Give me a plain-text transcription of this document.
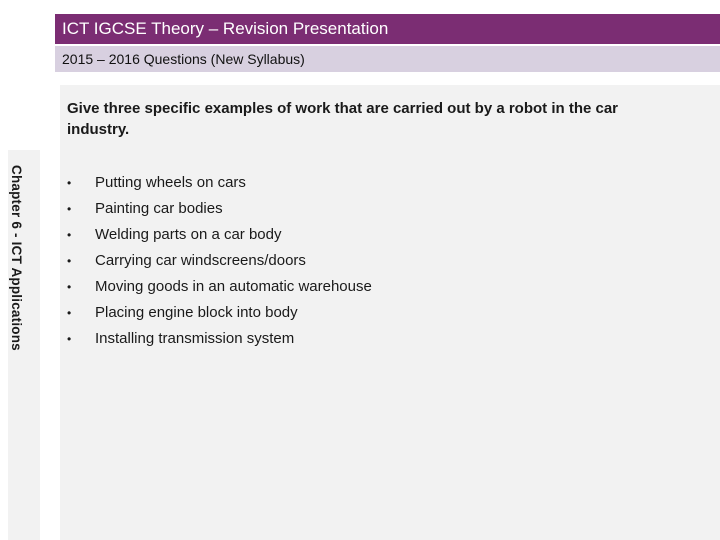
ICT IGCSE Theory – Revision Presentation
2015 – 2016 Questions (New Syllabus)
Chapter 6 - ICT Applications
Give three specific examples of work that are carried out by a robot in the car industry.
•	Putting wheels on cars
•	Painting car bodies
•	Welding parts on a car body
•	Carrying car windscreens/doors
•	Moving goods in an automatic warehouse
•	Placing engine block into body
•	Installing transmission system
